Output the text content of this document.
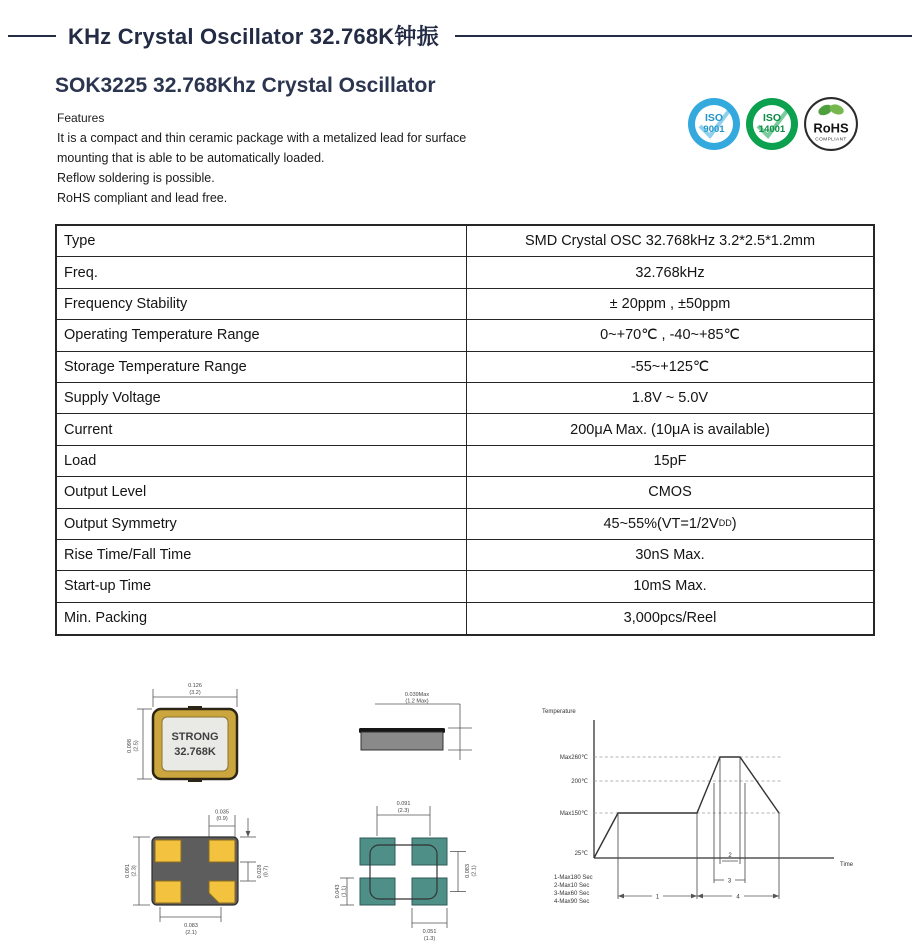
KHz Crystal Oscillator 32.768K钟振
SOK3225 32.768Khz Crystal Oscillator
Features
It is a compact and thin ceramic package with a metalized lead for surface
mounting that is able to be automatically loaded.
Reflow soldering is possible.
RoHS compliant and lead free.
ISO
9001
ISO
14001 RoHS
COMPLIANT
Type	SMD Crystal OSC 32.768kHz 3.2*2.5*1.2mm
Freq.	32.768kHz
Frequency Stability	± 20ppm , ±50ppm
Operating Temperature Range	0~+70℃ , -40~+85℃
Storage Temperature Range	-55~+125℃
Supply Voltage	1.8V ~ 5.0V
Current	200μA Max. (10μA is available)
Load	15pF
Output Level	CMOS
Output Symmetry	45~55%(VT=1/2V DD )
Rise Time/Fall Time	30nS Max.
Start-up Time	10mS Max.
Min. Packing	3,000pcs/Reel
0.126
(3.2)
0.098 (2.5)
STRONG
32.768K
0.039Max
(1.2 Max)
0.035
(0.9)
0.028 (0.7)
0.091 (2.3)
0.083
(2.1)
0.091
(2.3)
0.083 (2.1)
0.043 (1.1)
0.051
(1.3)
Temperature
Time
Max260℃
200℃
Max150℃
25℃	2
3
1	4
1-Max180 Sec
2-Max10 Sec
3-Max60 Sec
4-Max90 Sec
